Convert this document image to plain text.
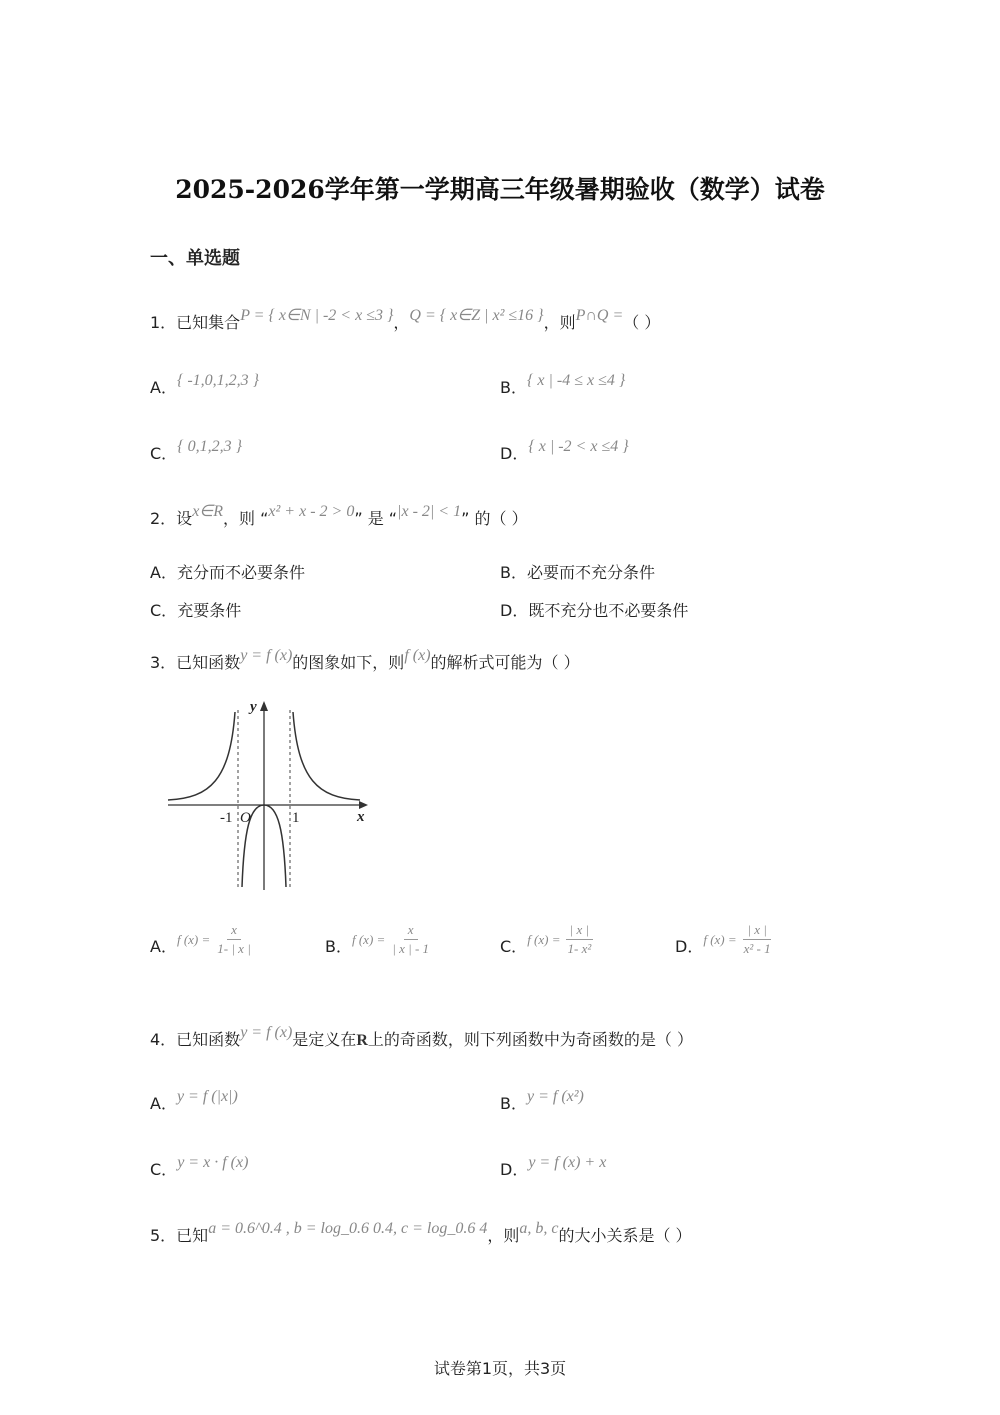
2025-2026学年第一学期高三年级暑期验收（数学）试卷
一、单选题
1．已知集合P = { x∈N | -2 < x ≤3 }，Q = { x∈Z | x² ≤16 }，则P∩Q =（ ）
A．{ -1,0,1,2,3 }	B．{ x | -4 ≤ x ≤4 }
C．{ 0,1,2,3 }	D．{ x | -2 < x ≤4 }
2．设x∈R，则 “x² + x - 2 > 0” 是 “|x - 2| < 1” 的（ ）
A．充分而不必要条件	B．必要而不充分条件
C．充要条件	D．既不充分也不必要条件
3．已知函数y = f (x)的图象如下，则f (x)的解析式可能为（ ）
y
x
O
-1	1
A．$^{f (x) =} \frac{x}{1- | x |}$	B．$^{f (x) =} \frac{x}{| x | - 1}$	C．$^{f (x) =} \frac{| x |}{\text{1- x²}}$	D．$^{f (x) =} \frac{| x |}{\text{x² - 1}}$
4．已知函数y = f (x)是定义在R上的奇函数，则下列函数中为奇函数的是（ ）
A．y = f (|x|)	B．y = f (x²)
C．y = x · f (x)	D．y = f (x) + x
5．已知a = 0.6^0.4 , b = log_0.6 0.4, c = log_0.6 4，则a, b, c的大小关系是（ ）
试卷第1页，共3页
